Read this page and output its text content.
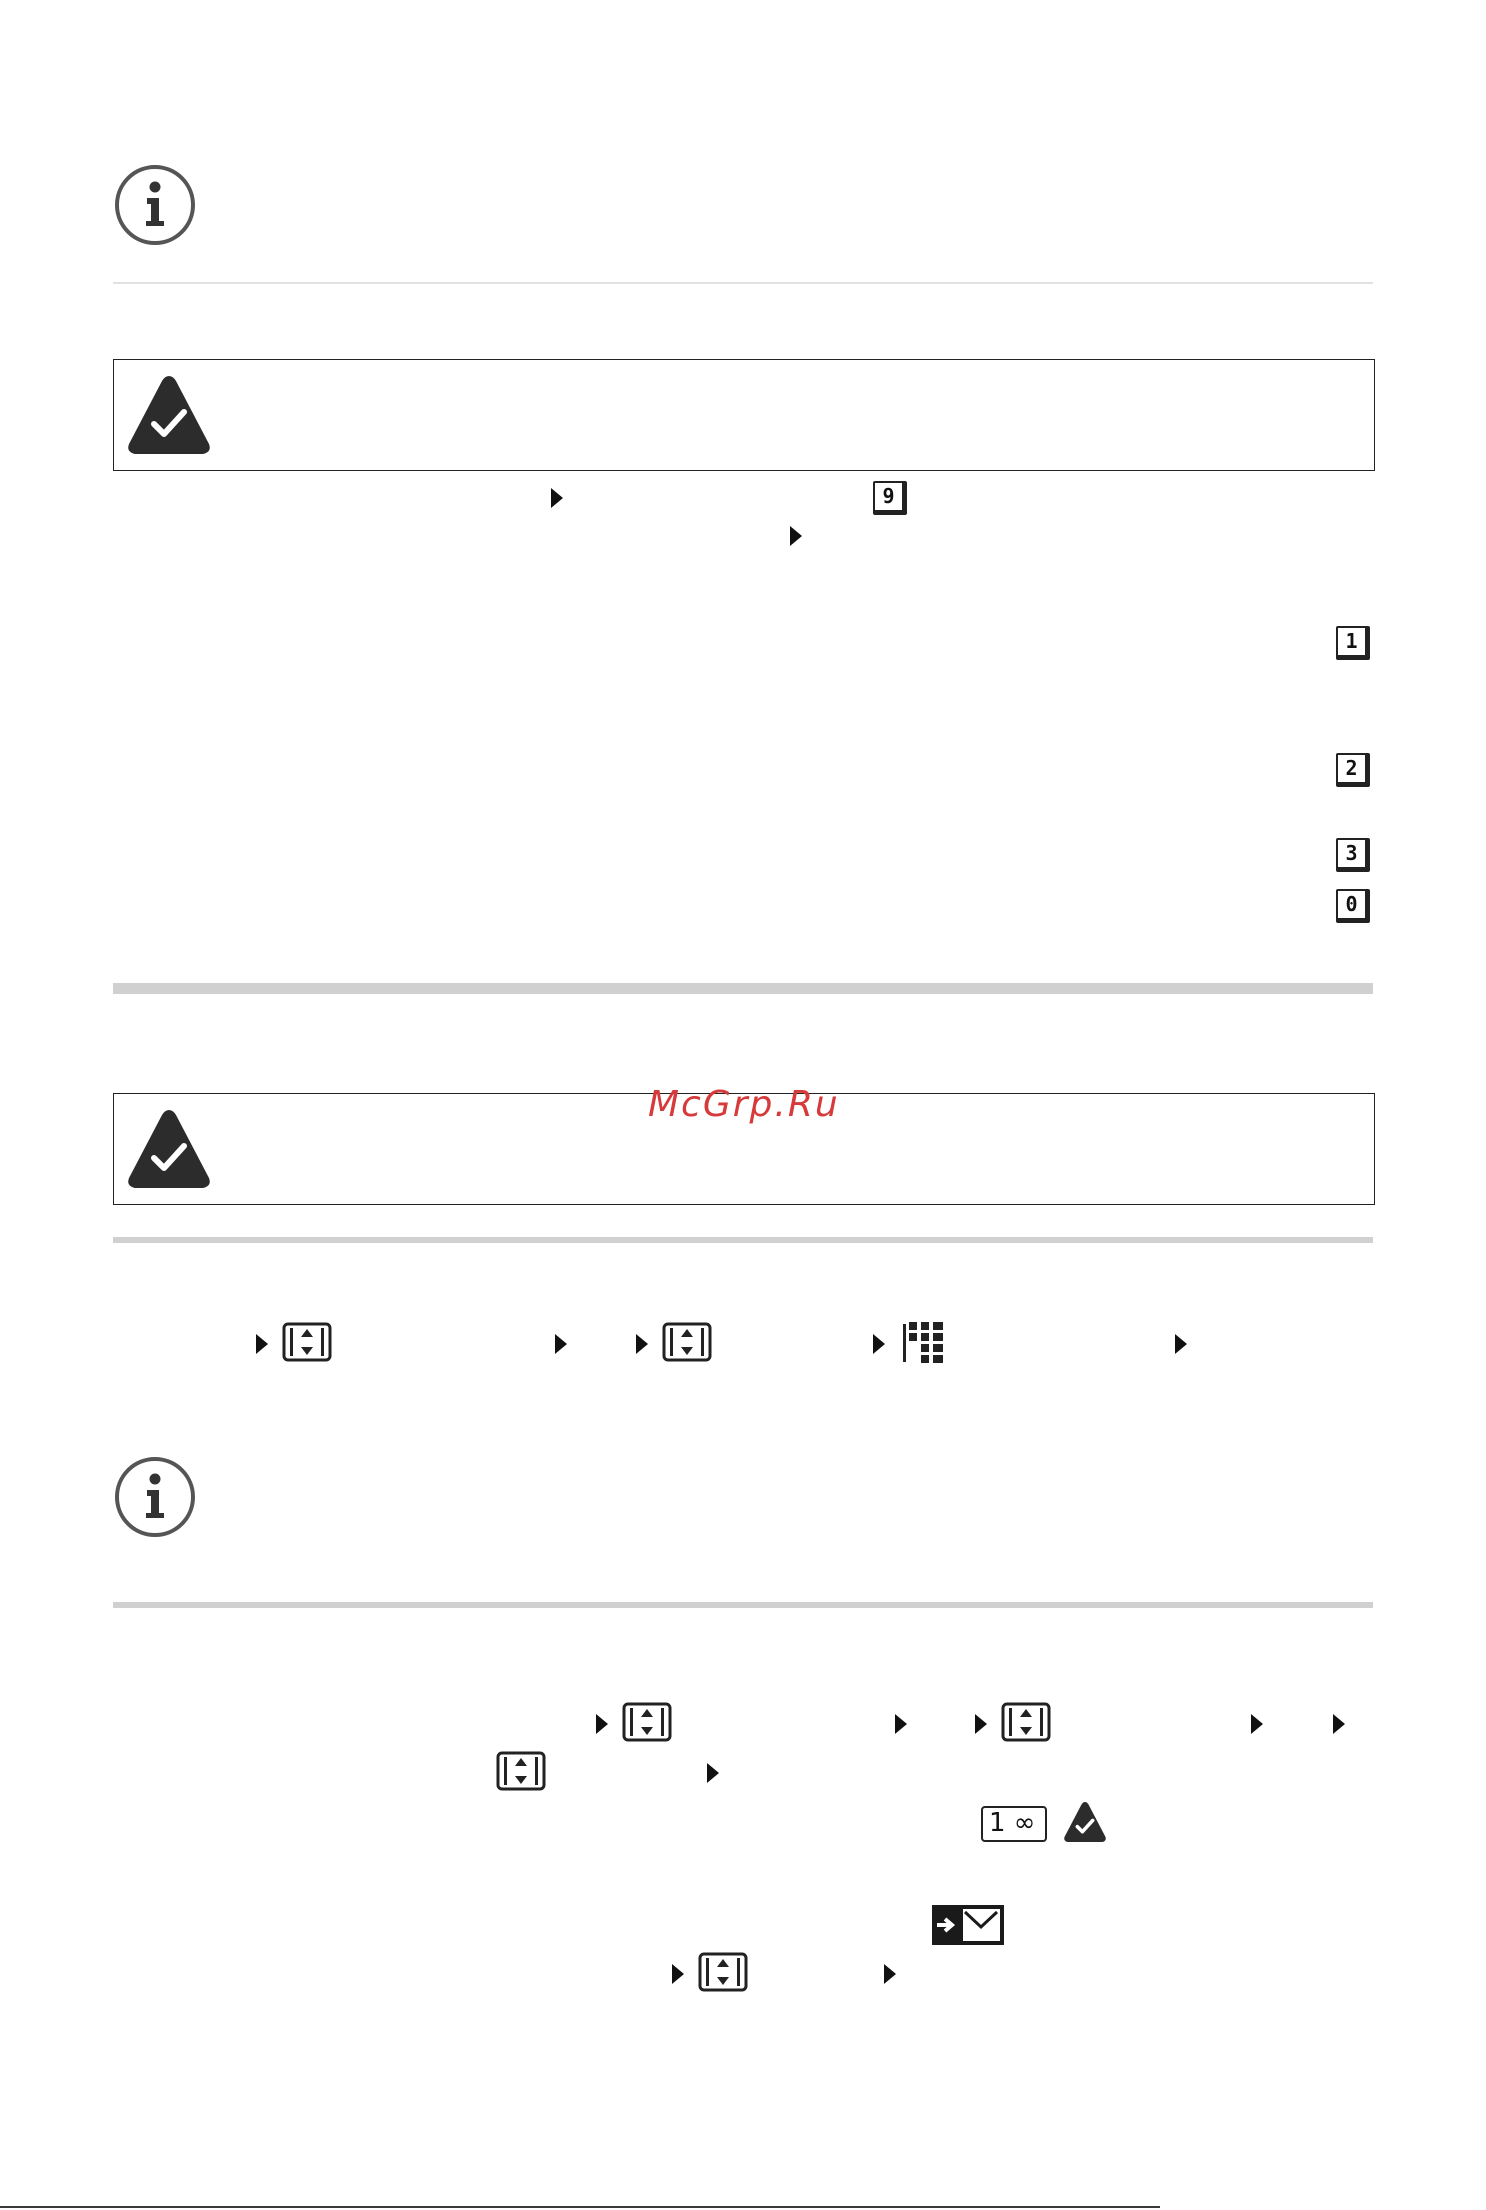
9
1
2
3
0
McGrp.Ru
1 ∞
